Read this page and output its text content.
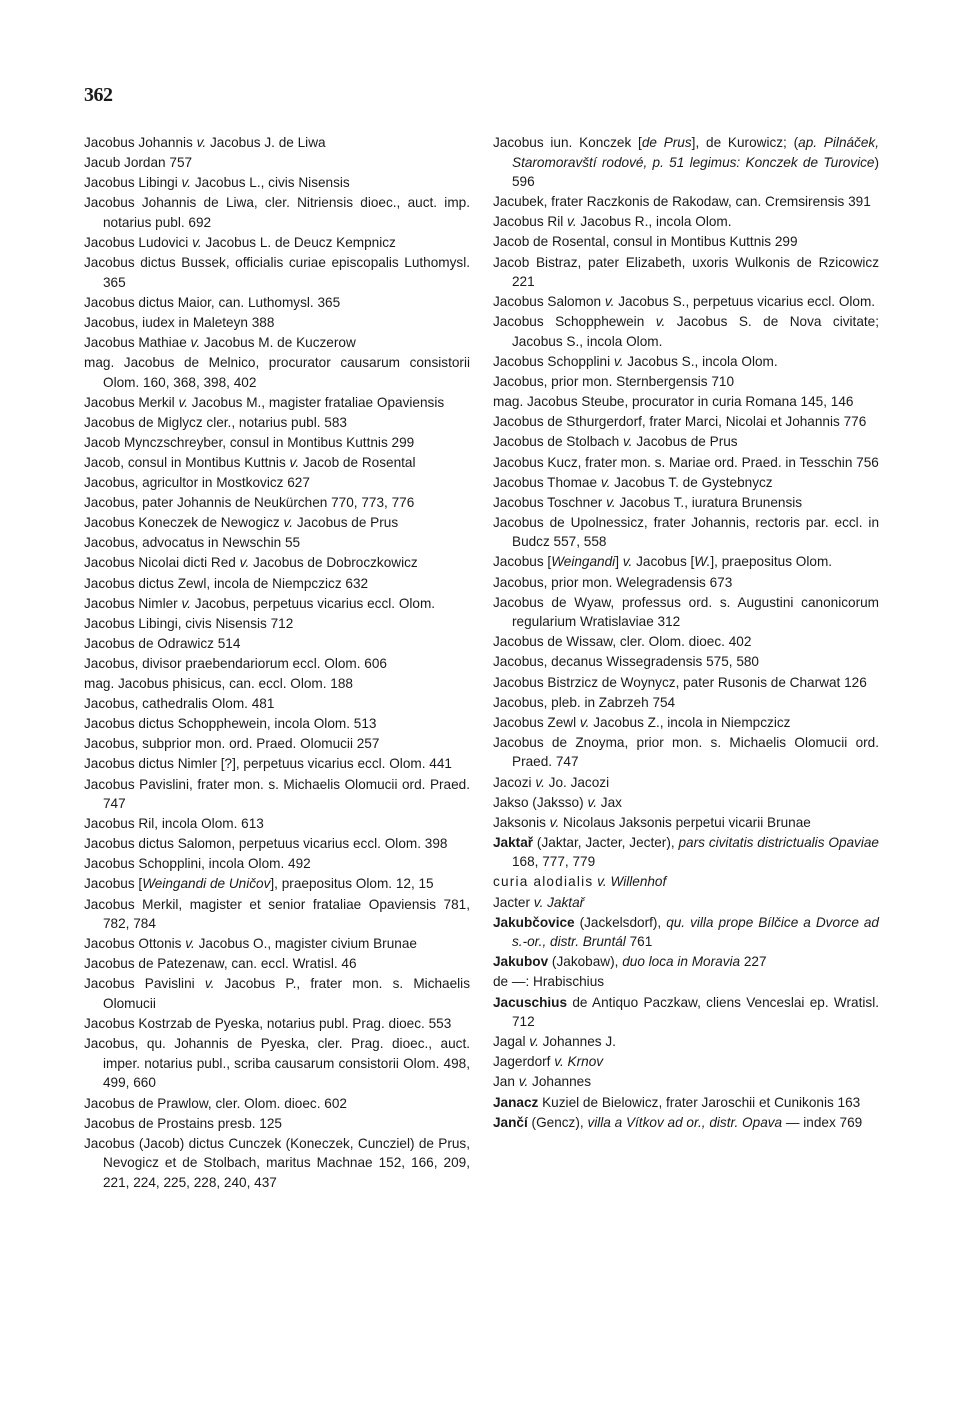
362
Jacobus Johannis v. Jacobus J. de Liwa
Jacub Jordan 757
Jacobus Libingi v. Jacobus L., civis Nisensis
Jacobus Johannis de Liwa, cler. Nitriensis dioec., auct. imp. notarius publ. 692
Jacobus Ludovici v. Jacobus L. de Deucz Kempnicz
Jacobus dictus Bussek, officialis curiae episcopalis Luthomysl. 365
Jacobus dictus Maior, can. Luthomysl. 365
Jacobus, iudex in Maleteyn 388
Jacobus Mathiae v. Jacobus M. de Kuczerow
mag. Jacobus de Melnico, procurator causarum consistorii Olom. 160, 368, 398, 402
Jacobus Merkil v. Jacobus M., magister frataliae Opaviensis
Jacobus de Miglycz cler., notarius publ. 583
Jacob Mynczschreyber, consul in Montibus Kuttnis 299
Jacob, consul in Montibus Kuttnis v. Jacob de Rosental
Jacobus, agricultor in Mostkovicz 627
Jacobus, pater Johannis de Neukürchen 770, 773, 776
Jacobus Koneczek de Newogicz v. Jacobus de Prus
Jacobus, advocatus in Newschin 55
Jacobus Nicolai dicti Red v. Jacobus de Dobroczkowicz
Jacobus dictus Zewl, incola de Niempczicz 632
Jacobus Nimler v. Jacobus, perpetuus vicarius eccl. Olom.
Jacobus Libingi, civis Nisensis 712
Jacobus de Odrawicz 514
Jacobus, divisor praebendariorum eccl. Olom. 606
mag. Jacobus phisicus, can. eccl. Olom. 188
Jacobus, cathedralis Olom. 481
Jacobus dictus Schopphewein, incola Olom. 513
Jacobus, subprior mon. ord. Praed. Olomucii 257
Jacobus dictus Nimler [?], perpetuus vicarius eccl. Olom. 441
Jacobus Pavislini, frater mon. s. Michaelis Olomucii ord. Praed. 747
Jacobus Ril, incola Olom. 613
Jacobus dictus Salomon, perpetuus vicarius eccl. Olom. 398
Jacobus Schopplini, incola Olom. 492
Jacobus [Weingandi de Uničov], praepositus Olom. 12, 15
Jacobus Merkil, magister et senior frataliae Opaviensis 781, 782, 784
Jacobus Ottonis v. Jacobus O., magister civium Brunae
Jacobus de Patezenaw, can. eccl. Wratisl. 46
Jacobus Pavislini v. Jacobus P., frater mon. s. Michaelis Olomucii
Jacobus Kostrzab de Pyeska, notarius publ. Prag. dioec. 553
Jacobus, qu. Johannis de Pyeska, cler. Prag. dioec., auct. imper. notarius publ., scriba causarum consistorii Olom. 498, 499, 660
Jacobus de Prawlow, cler. Olom. dioec. 602
Jacobus de Prostains presb. 125
Jacobus (Jacob) dictus Cunczek (Koneczek, Cuncziel) de Prus, Nevogicz et de Stolbach, maritus Machnae 152, 166, 209, 221, 224, 225, 228, 240, 437
Jacobus iun. Konczek [de Prus], de Kurowicz; (ap. Pilnáček, Staromoravští rodové, p. 51 legimus: Konczek de Turovice) 596
Jacubek, frater Raczkonis de Rakodaw, can. Cremsirensis 391
Jacobus Ril v. Jacobus R., incola Olom.
Jacob de Rosental, consul in Montibus Kuttnis 299
Jacob Bistraz, pater Elizabeth, uxoris Wulkonis de Rzicowicz 221
Jacobus Salomon v. Jacobus S., perpetuus vicarius eccl. Olom.
Jacobus Schopphewein v. Jacobus S. de Nova civitate; Jacobus S., incola Olom.
Jacobus Schopplini v. Jacobus S., incola Olom.
Jacobus, prior mon. Sternbergensis 710
mag. Jacobus Steube, procurator in curia Romana 145, 146
Jacobus de Sthurgerdorf, frater Marci, Nicolai et Johannis 776
Jacobus de Stolbach v. Jacobus de Prus
Jacobus Kucz, frater mon. s. Mariae ord. Praed. in Tesschin 756
Jacobus Thomae v. Jacobus T. de Gystebnycz
Jacobus Toschner v. Jacobus T., iuratura Brunensis
Jacobus de Upolnessicz, frater Johannis, rectoris par. eccl. in Budcz 557, 558
Jacobus [Weingandi] v. Jacobus [W.], praepositus Olom.
Jacobus, prior mon. Welegradensis 673
Jacobus de Wyaw, professus ord. s. Augustini canonicorum regularium Wratislaviae 312
Jacobus de Wissaw, cler. Olom. dioec. 402
Jacobus, decanus Wissegradensis 575, 580
Jacobus Bistrzicz de Woynycz, pater Rusonis de Charwat 126
Jacobus, pleb. in Zabrzeh 754
Jacobus Zewl v. Jacobus Z., incola in Niempczicz
Jacobus de Znoyma, prior mon. s. Michaelis Olomucii ord. Praed. 747
Jacozi v. Jo. Jacozi
Jakso (Jaksso) v. Jax
Jaksonis v. Nicolaus Jaksonis perpetui vicarii Brunae
Jaktař (Jaktar, Jacter, Jecter), pars civitatis districtualis Opaviae 168, 777, 779
curia alodialis v. Willenhof
Jacter v. Jaktař
Jakubčovice (Jackelsdorf), qu. villa prope Bílčice a Dvorce ad s.-or., distr. Bruntál 761
Jakubov (Jakobaw), duo loca in Moravia 227
de —: Hrabischius
Jacuschius de Antiquo Paczkaw, cliens Venceslai ep. Wratisl. 712
Jagal v. Johannes J.
Jagerdorf v. Krnov
Jan v. Johannes
Janacz Kuziel de Bielowicz, frater Jaroschii et Cunikonis 163
Jančí (Gencz), villa a Vítkov ad or., distr. Opava — index 769
